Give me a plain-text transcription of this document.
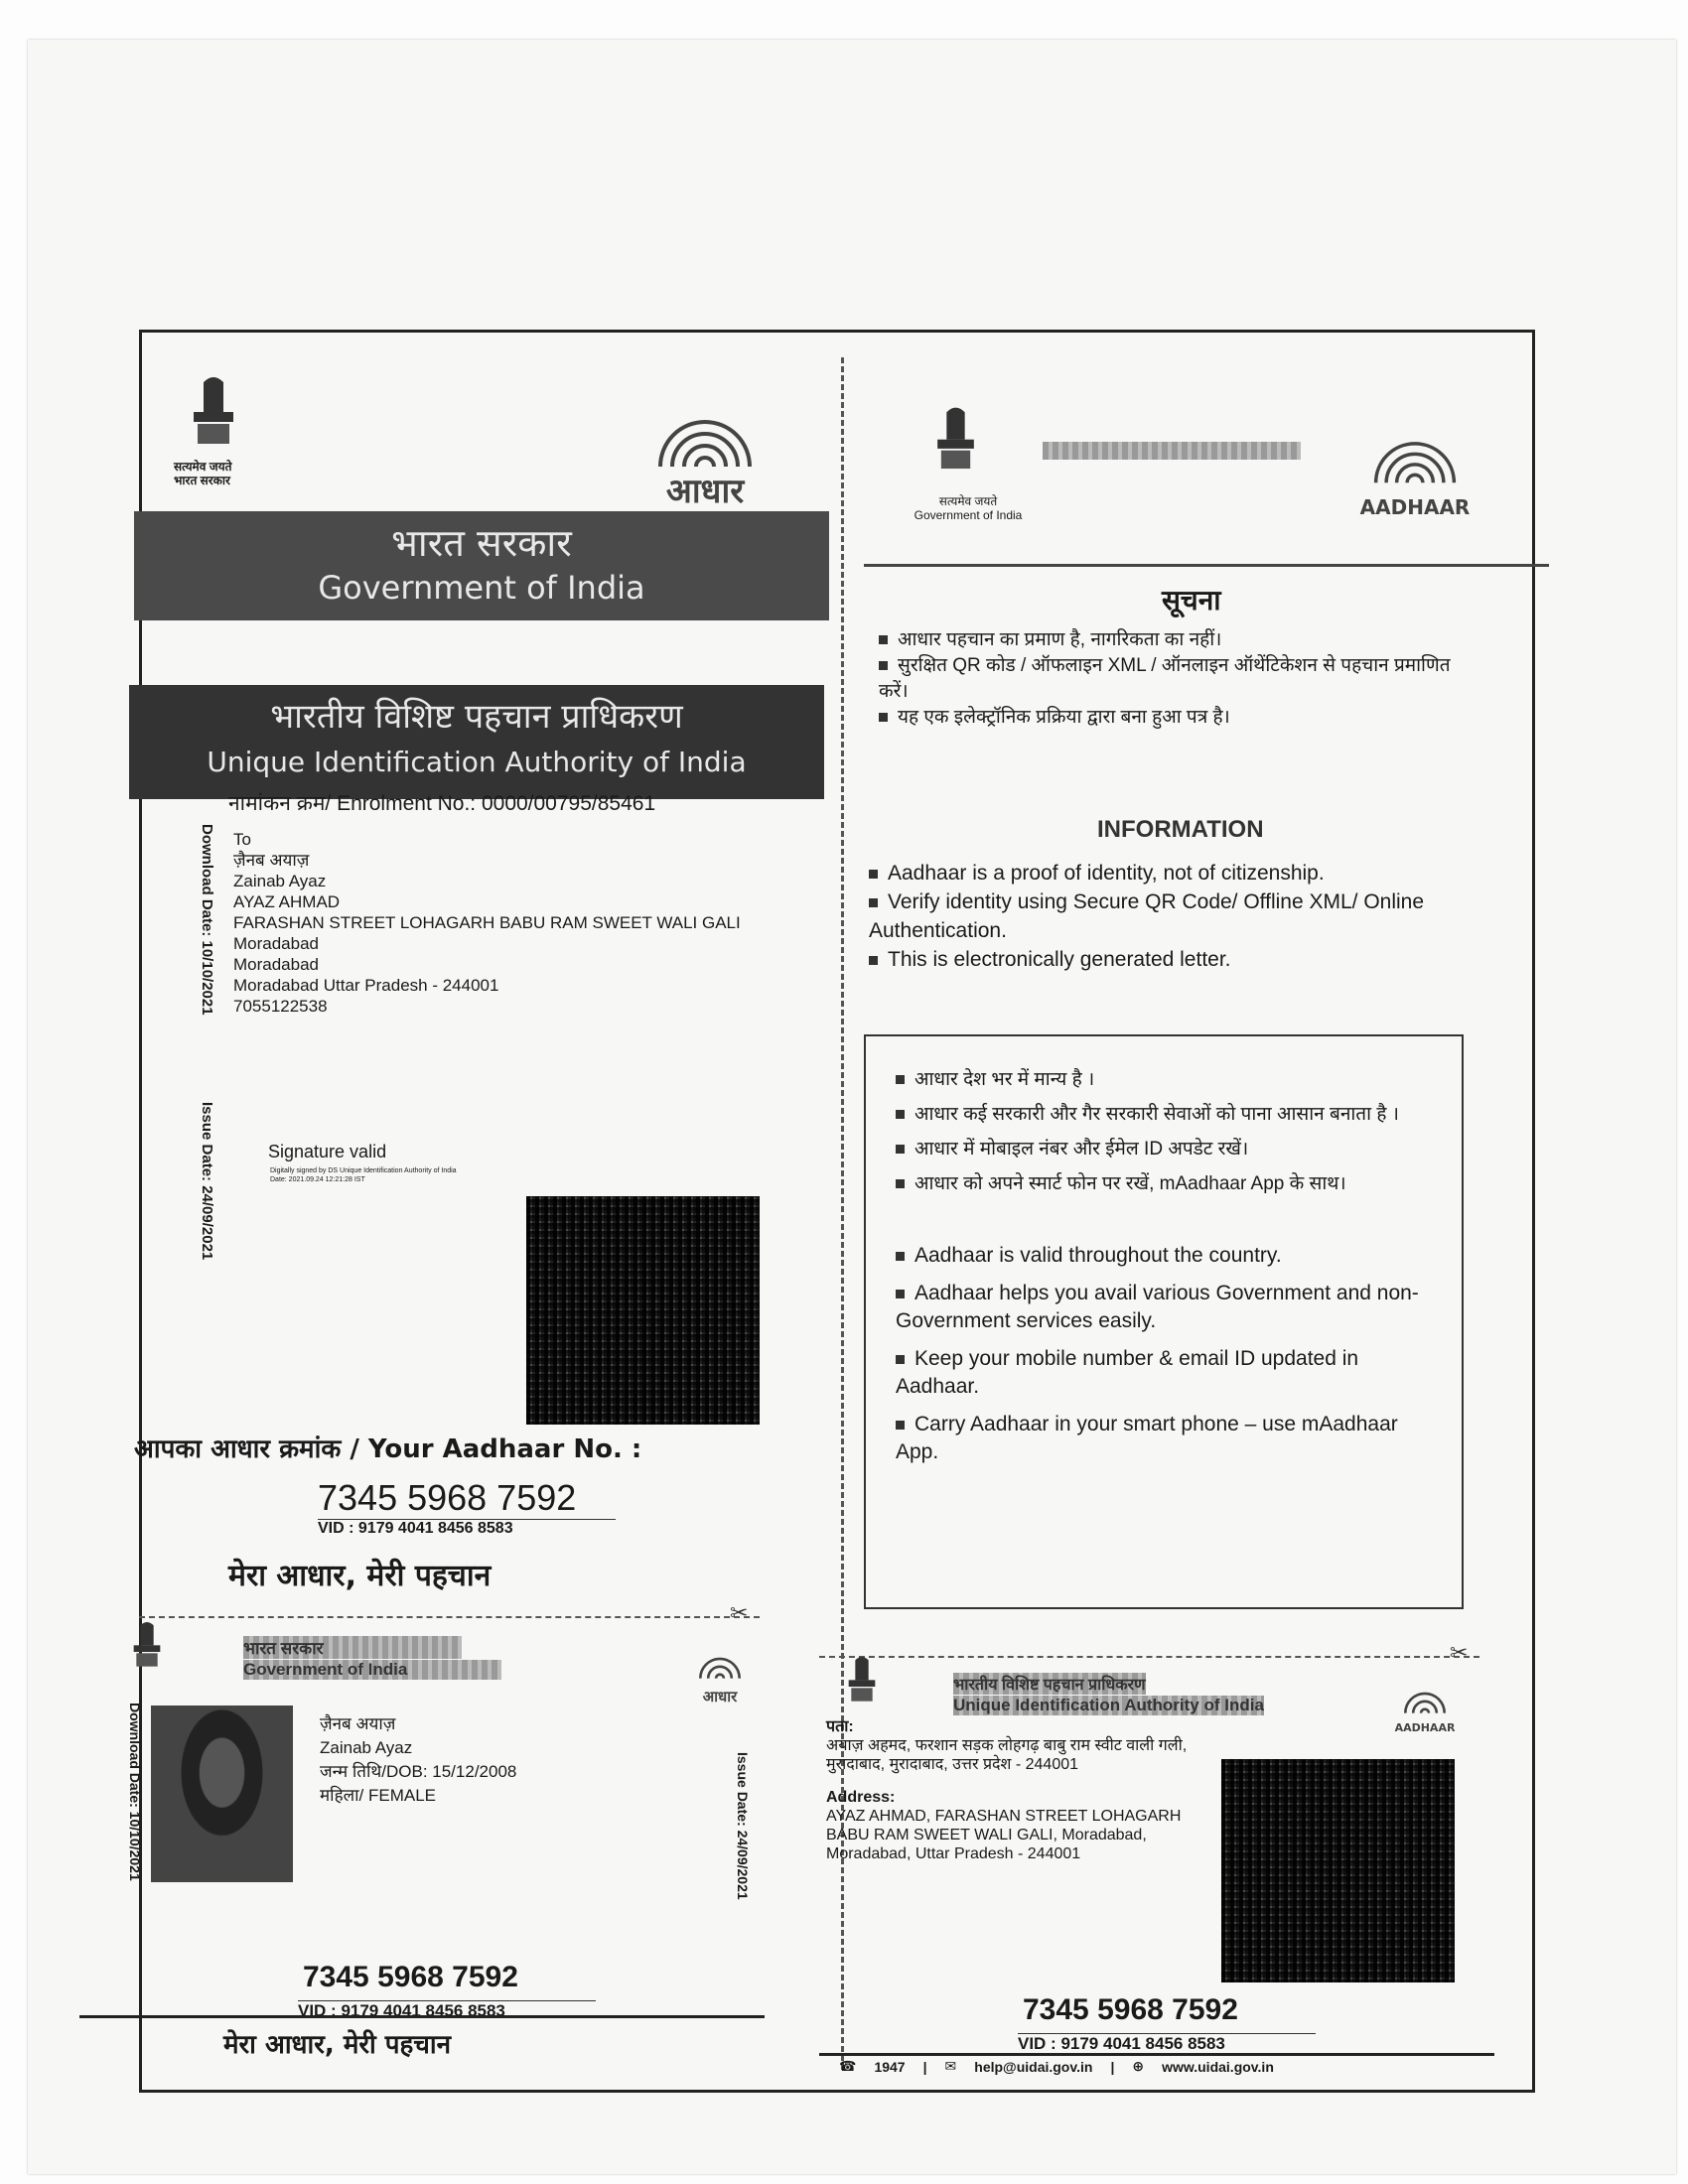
सत्यमेव जयते
भारत सरकार	आधार
भारत सरकार
Government of India
भारतीय विशिष्ट पहचान प्राधिकरण
Unique Identification Authority of India
नामांकन क्रम/ Enrolment No.: 0000/00795/85461
Download Date: 10/10/2021
Issue Date: 24/09/2021
To
ज़ैनब अयाज़
Zainab Ayaz
AYAZ AHMAD
FARASHAN STREET LOHAGARH BABU RAM SWEET WALI GALI
Moradabad
Moradabad
Moradabad Uttar Pradesh - 244001
7055122538
Signature valid
Digitally signed by DS Unique Identification Authority of India
Date: 2021.09.24 12:21:28 IST
आपका आधार क्रमांक / Your Aadhaar No. :
7345 5968 7592
VID : 9179 4041 8456 8583
मेरा आधार, मेरी पहचान
सत्यमेव जयते
Government of India	AADHAAR
सूचना
आधार पहचान का प्रमाण है, नागरिकता का नहीं।
सुरक्षित QR कोड / ऑफलाइन XML / ऑनलाइन ऑथेंटिकेशन से पहचान प्रमाणित करें।
यह एक इलेक्ट्रॉनिक प्रक्रिया द्वारा बना हुआ पत्र है।
INFORMATION
Aadhaar is a proof of identity, not of citizenship.
Verify identity using Secure QR Code/ Offline XML/ Online Authentication.
This is electronically generated letter.
आधार देश भर में मान्य है ।
आधार कई सरकारी और गैर सरकारी सेवाओं को पाना आसान बनाता है ।
आधार में मोबाइल नंबर और ईमेल ID अपडेट रखें।
आधार को अपने स्मार्ट फोन पर रखें, mAadhaar App के साथ।
Aadhaar is valid throughout the country.
Aadhaar helps you avail various Government and non-Government services easily.
Keep your mobile number & email ID updated in Aadhaar.
Carry Aadhaar in your smart phone – use mAadhaar App.
✂
✂
भारत सरकार
Government of India
आधार
Download Date: 10/10/2021	Issue Date: 24/09/2021
ज़ैनब अयाज़
Zainab Ayaz
जन्म तिथि/DOB: 15/12/2008
महिला/ FEMALE
7345 5968 7592
VID : 9179 4041 8456 8583
मेरा आधार, मेरी पहचान
भारतीय विशिष्ट पहचान प्राधिकरण
Unique Identification Authority of India
AADHAAR
पता:
अयाज़ अहमद, फरशान सड़क लोहगढ़ बाबु राम स्वीट वाली गली, मुरादाबाद, मुरादाबाद, उत्तर प्रदेश - 244001
Address:
AYAZ AHMAD, FARASHAN STREET LOHAGARH BABU RAM SWEET WALI GALI, Moradabad, Moradabad, Uttar Pradesh - 244001
7345 5968 7592
VID : 9179 4041 8456 8583
☎ 1947 | ✉ help@uidai.gov.in | ⊕ www.uidai.gov.in
